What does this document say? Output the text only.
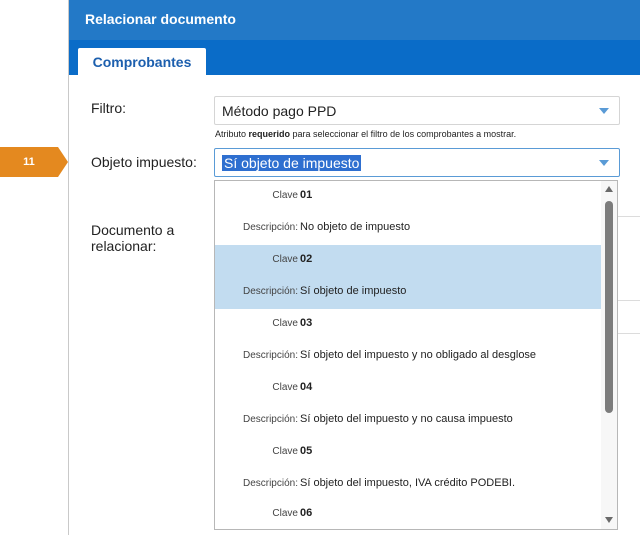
11
Relacionar documento
Comprobantes
Filtro:	Método pago PPD
Atributo requerido para seleccionar el filtro de los comprobantes a mostrar.
Objeto impuesto: Sí objeto de impuesto
Documento a
relacionar:
Clave 01
Descripción: No objeto de impuesto
Clave 02
Descripción: Sí objeto de impuesto
Clave 03
Descripción: Sí objeto del impuesto y no obligado al desglose
Clave 04
Descripción: Sí objeto del impuesto y no causa impuesto
Clave 05
Descripción: Sí objeto del impuesto, IVA crédito PODEBI.
Clave 06
